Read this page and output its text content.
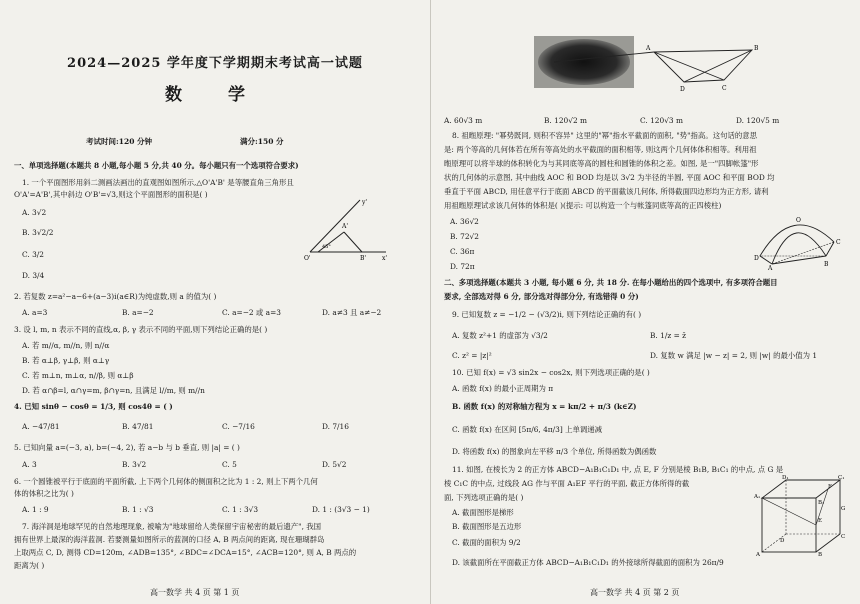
2024—2025 学年度下学期期末考试高一试题
数 学
考试时间:120 分钟	满分:150 分
一、单项选择题(本题共 8 小题,每小题 5 分,共 40 分。每小题只有一个选项符合要求)
1. 一个平面图形用斜二测画法画出的直观图如图所示,△O'A'B' 是等腰直角三角形且
O'A'=A'B',其中斜边 O'B'=√3,则这个平面图形的面积是( )
A. 3√2
B. 3√2/2
C. 3/2
D. 3/4
A'
O'	B'	x'
y'
45°
2. 若复数 z=a²−a−6+(a−3)i(a∈R)为纯虚数,则 a 的值为( )
A. a=3	B. a=−2	C. a=−2 或 a=3	D. a≠3 且 a≠−2
3. 设 l, m, n 表示不同的直线,α, β, γ 表示不同的平面,则下列结论正确的是( )
A. 若 m//α, m//n, 则 n//α
B. 若 α⊥β, γ⊥β, 则 α⊥γ
C. 若 m⊥n, m⊥α, n//β, 则 α⊥β
D. 若 α∩β=l, α∩γ=m, β∩γ=n, 且满足 l//m, 则 m//n
4. 已知 sinθ − cosθ = 1/3, 则 cos4θ = ( )
A. −47/81	B. 47/81	C. −7/16	D. 7/16
5. 已知向量 a=(−3, a), b=(−4, 2), 若 a−b 与 b 垂直, 则 |a| = ( )
A. 3	B. 3√2	C. 5	D. 5√2
6. 一个圆锥被平行于底面的平面所截, 上下两个几何体的侧面积之比为 1 : 2, 则上下两个几何
体的体积之比为( )
A. 1 : 9	B. 1 : √3	C. 1 : 3√3	D. 1 : (3√3 − 1)
7. 海洋洞是地球罕见的自然地理现象, 被喻为"地球留给人类保留宇宙秘密的最后遗产", 我国
拥有世界上最深的海洋蓝洞. 若要测量如图所示的蓝洞的口径 A, B 两点间的距离, 现在珊瑚群岛
上取两点 C, D, 测得 CD=120m, ∠ADB=135°, ∠BDC=∠DCA=15°, ∠ACB=120°, 则 A, B 两点的
距离为( )
高一数学 共 4 页 第 1 页
A	B
D	C
A. 60√3 m	B. 120√2 m	C. 120√3 m	D. 120√5 m
8. 祖暅原理: "幂势既同, 则积不容异" 这里的"幂"指水平截面的面积, "势"指高。这句话的意思
是: 两个等高的几何体若在所有等高处的水平截面的面积相等, 则这两个几何体体积相等。利用祖
暅原理可以将半球的体积转化为与其同底等高的圆柱和圆锥的体积之差。如图, 是一"四脚帐篷"形
状的几何体的示意图, 其中曲线 AOC 和 BOD 均是以 3√2 为半径的半圆, 平面 AOC 和平面 BOD 均
垂直于平面 ABCD, 用任意平行于底面 ABCD 的平面截该几何体, 所得截面四边形均为正方形, 请利
用祖暅原理试求该几何体的体积是( )(提示: 可以构造一个与帐篷同底等高的正四棱柱)
A. 36√2
B. 72√2
C. 36π
D. 72π
O
D
A
B
C
二、多项选择题(本题共 3 小题, 每小题 6 分, 共 18 分. 在每小题给出的四个选项中, 有多项符合题目
要求, 全部选对得 6 分, 部分选对得部分分, 有选错得 0 分)
9. 已知复数 z = −1/2 − (√3/2)i, 则下列结论正确的有( )
A. 复数 z²+1 的虚部为 √3/2	B. 1/z = z̄
C. z² = |z|²	D. 复数 w 满足 |w − z| = 2, 则 |w| 的最小值为 1
10. 已知 f(x) = √3 sin2x − cos2x, 则下列选项正确的是( )
A. 函数 f(x) 的最小正周期为 π
B. 函数 f(x) 的对称轴方程为 x = kπ/2 + π/3 (k∈Z)
C. 函数 f(x) 在区间 [5π/6, 4π/3] 上单调递减
D. 将函数 f(x) 的图象向左平移 π/3 个单位, 所得函数为偶函数
11. 如图, 在棱长为 2 的正方体 ABCD−A₁B₁C₁D₁ 中, 点 E, F 分别是棱 B₁B, B₁C₁ 的中点, 点 G 是
棱 C₁C 的中点, 过线段 AG 作与平面 A₁EF 平行的平面, 截正方体所得的截
面, 下列选项正确的是( )
A. 截面图形是梯形
B. 截面图形是五边形
C. 截面的面积为 9/2
D. 该截面所在平面截正方体 ABCD−A₁B₁C₁D₁ 的外接球所得截面的面积为 26π/9
A₁
D₁	C₁
B₁
A	B
C
D
F
E
G
高一数学 共 4 页 第 2 页
